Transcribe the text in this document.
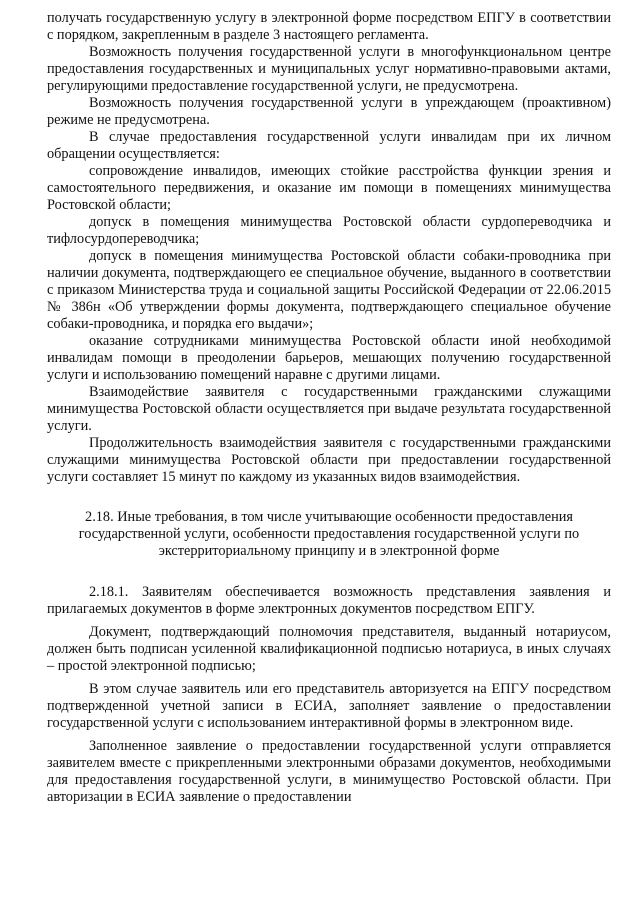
получать государственную услугу в электронной форме посредством ЕПГУ в соответствии с порядком, закрепленным в разделе 3 настоящего регламента.

Возможность получения государственной услуги в многофункциональном центре предоставления государственных и муниципальных услуг нормативно-правовыми актами, регулирующими предоставление государственной услуги, не предусмотрена.

Возможность получения государственной услуги в упреждающем (проактивном) режиме не предусмотрена.

В случае предоставления государственной услуги инвалидам при их личном обращении осуществляется:

сопровождение инвалидов, имеющих стойкие расстройства функции зрения и самостоятельного передвижения, и оказание им помощи в помещениях минимущества Ростовской области;

допуск в помещения минимущества Ростовской области сурдопереводчика и тифлосурдопереводчика;

допуск в помещения минимущества Ростовской области собаки-проводника при наличии документа, подтверждающего ее специальное обучение, выданного в соответствии с приказом Министерства труда и социальной защиты Российской Федерации от 22.06.2015 № 386н «Об утверждении формы документа, подтверждающего специальное обучение собаки-проводника, и порядка его выдачи»;

оказание сотрудниками минимущества Ростовской области иной необходимой инвалидам помощи в преодолении барьеров, мешающих получению государственной услуги и использованию помещений наравне с другими лицами.

Взаимодействие заявителя с государственными гражданскими служащими минимущества Ростовской области осуществляется при выдаче результата государственной услуги.

Продолжительность взаимодействия заявителя с государственными гражданскими служащими минимущества Ростовской области при предоставлении государственной услуги составляет 15 минут по каждому из указанных видов взаимодействия.

2.18. Иные требования, в том числе учитывающие особенности предоставления
государственной услуги, особенности предоставления государственной услуги по
экстерриториальному принципу и в электронной форме

2.18.1. Заявителям обеспечивается возможность представления заявления и прилагаемых документов в форме электронных документов посредством ЕПГУ.

Документ, подтверждающий полномочия представителя, выданный нотариусом, должен быть подписан усиленной квалификационной подписью нотариуса, в иных случаях – простой электронной подписью;

В этом случае заявитель или его представитель авторизуется на ЕПГУ посредством подтвержденной учетной записи в ЕСИА, заполняет заявление о предоставлении государственной услуги с использованием интерактивной формы в электронном виде.

Заполненное заявление о предоставлении государственной услуги отправляется заявителем вместе с прикрепленными электронными образами документов, необходимыми для предоставления государственной услуги, в минимущество Ростовской области. При авторизации в ЕСИА заявление о предоставлении
